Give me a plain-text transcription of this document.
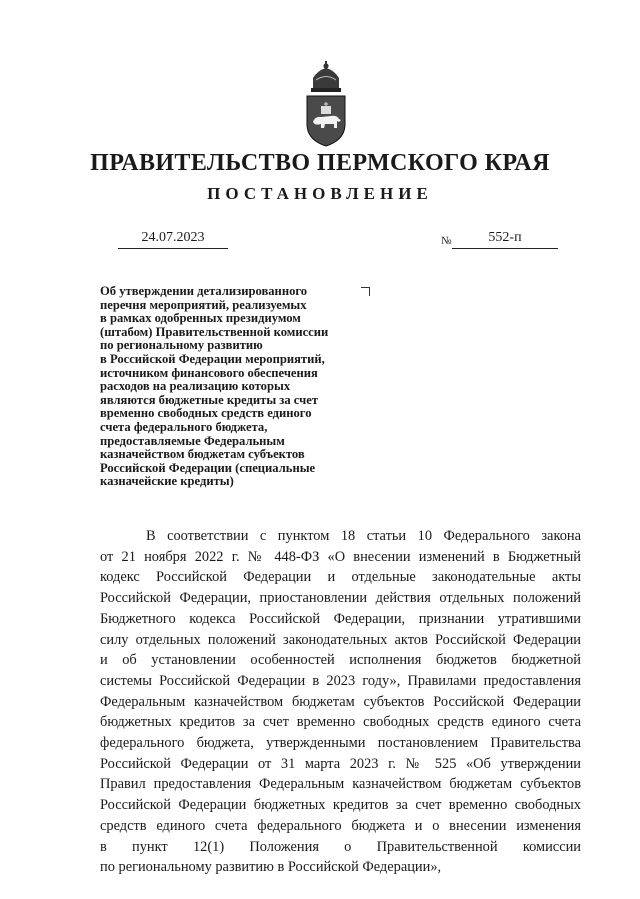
ПРАВИТЕЛЬСТВО ПЕРМСКОГО КРАЯ
ПОСТАНОВЛЕНИЕ
24.07.2023	№	552-п
Об утверждении детализированного
перечня мероприятий, реализуемых
в рамках одобренных президиумом
(штабом) Правительственной комиссии
по региональному развитию
в Российской Федерации мероприятий,
источником финансового обеспечения
расходов на реализацию которых
являются бюджетные кредиты за счет
временно свободных средств единого
счета федерального бюджета,
предоставляемые Федеральным
казначейством бюджетам субъектов
Российской Федерации (специальные
казначейские кредиты)
В соответствии с пунктом 18 статьи 10 Федерального закона
от 21 ноября 2022 г. № 448-ФЗ «О внесении изменений в Бюджетный
кодекс Российской Федерации и отдельные законодательные акты
Российской Федерации, приостановлении действия отдельных положений
Бюджетного кодекса Российской Федерации, признании утратившими
силу отдельных положений законодательных актов Российской Федерации
и об установлении особенностей исполнения бюджетов бюджетной
системы Российской Федерации в 2023 году», Правилами предоставления
Федеральным казначейством бюджетам субъектов Российской Федерации
бюджетных кредитов за счет временно свободных средств единого счета
федерального бюджета, утвержденными постановлением Правительства
Российской Федерации от 31 марта 2023 г. № 525 «Об утверждении
Правил предоставления Федеральным казначейством бюджетам субъектов
Российской Федерации бюджетных кредитов за счет временно свободных
средств единого счета федерального бюджета и о внесении изменения
в пункт 12(1) Положения о Правительственной комиссии
по региональному развитию в Российской Федерации»,
